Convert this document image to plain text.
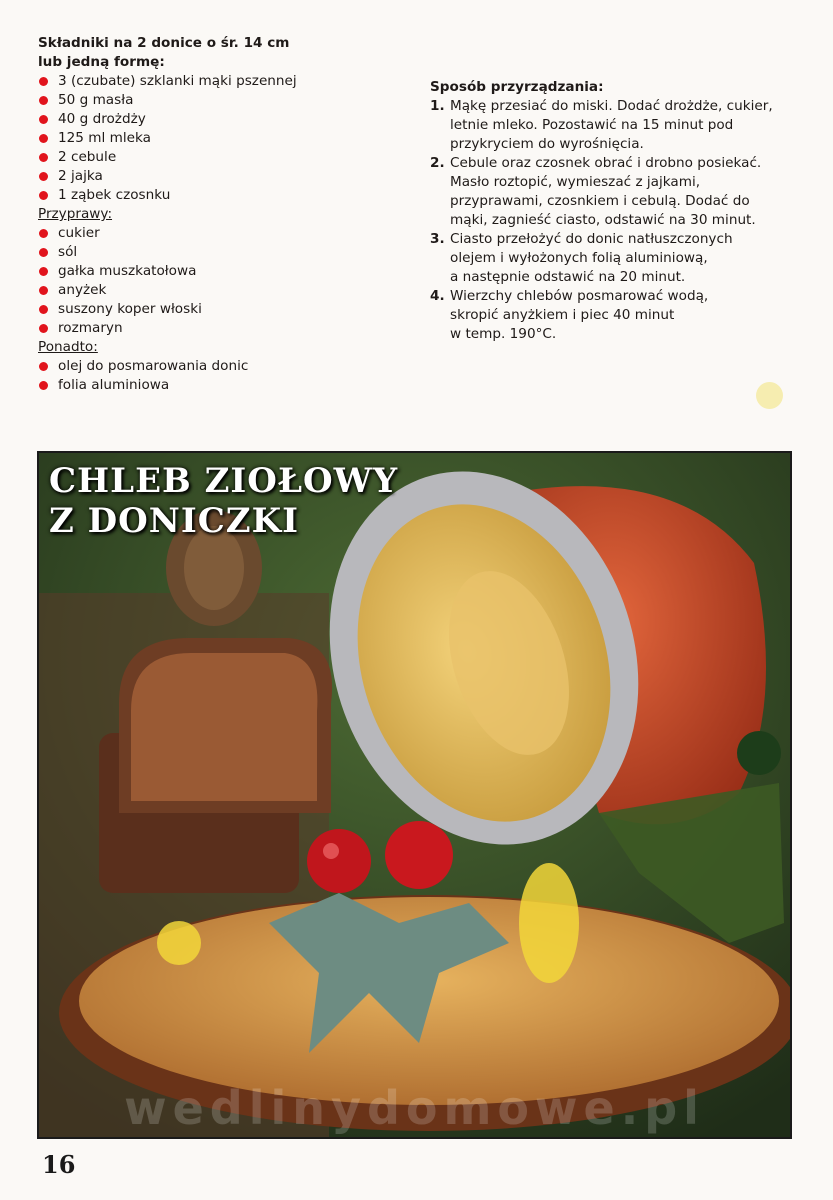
Składniki na 2 donice o śr. 14 cm
lub jedną formę:
3 (czubate) szklanki mąki pszennej
50 g masła
40 g drożdży
125 ml mleka
2 cebule
2 jajka
1 ząbek czosnku
Przyprawy:
cukier
sól
gałka muszkatołowa
anyżek
suszony koper włoski
rozmaryn
Ponadto:
olej do posmarowania donic
folia aluminiowa
Sposób przyrządzania:
1. Mąkę przesiać do miski. Dodać drożdże, cukier,
letnie mleko. Pozostawić na 15 minut pod
przykryciem do wyrośnięcia.
2. Cebule oraz czosnek obrać i drobno posiekać.
Masło roztopić, wymieszać z jajkami,
przyprawami, czosnkiem i cebulą. Dodać do
mąki, zagnieść ciasto, odstawić na 30 minut.
3. Ciasto przełożyć do donic natłuszczonych
olejem i wyłożonych folią aluminiową,
a następnie odstawić na 20 minut.
4. Wierzchy chlebów posmarować wodą,
skropić anyżkiem i piec 40 minut
w temp. 190°C.
CHLEB ZIOŁOWY
Z DONICZKI
wedlinydomowe.pl
16
